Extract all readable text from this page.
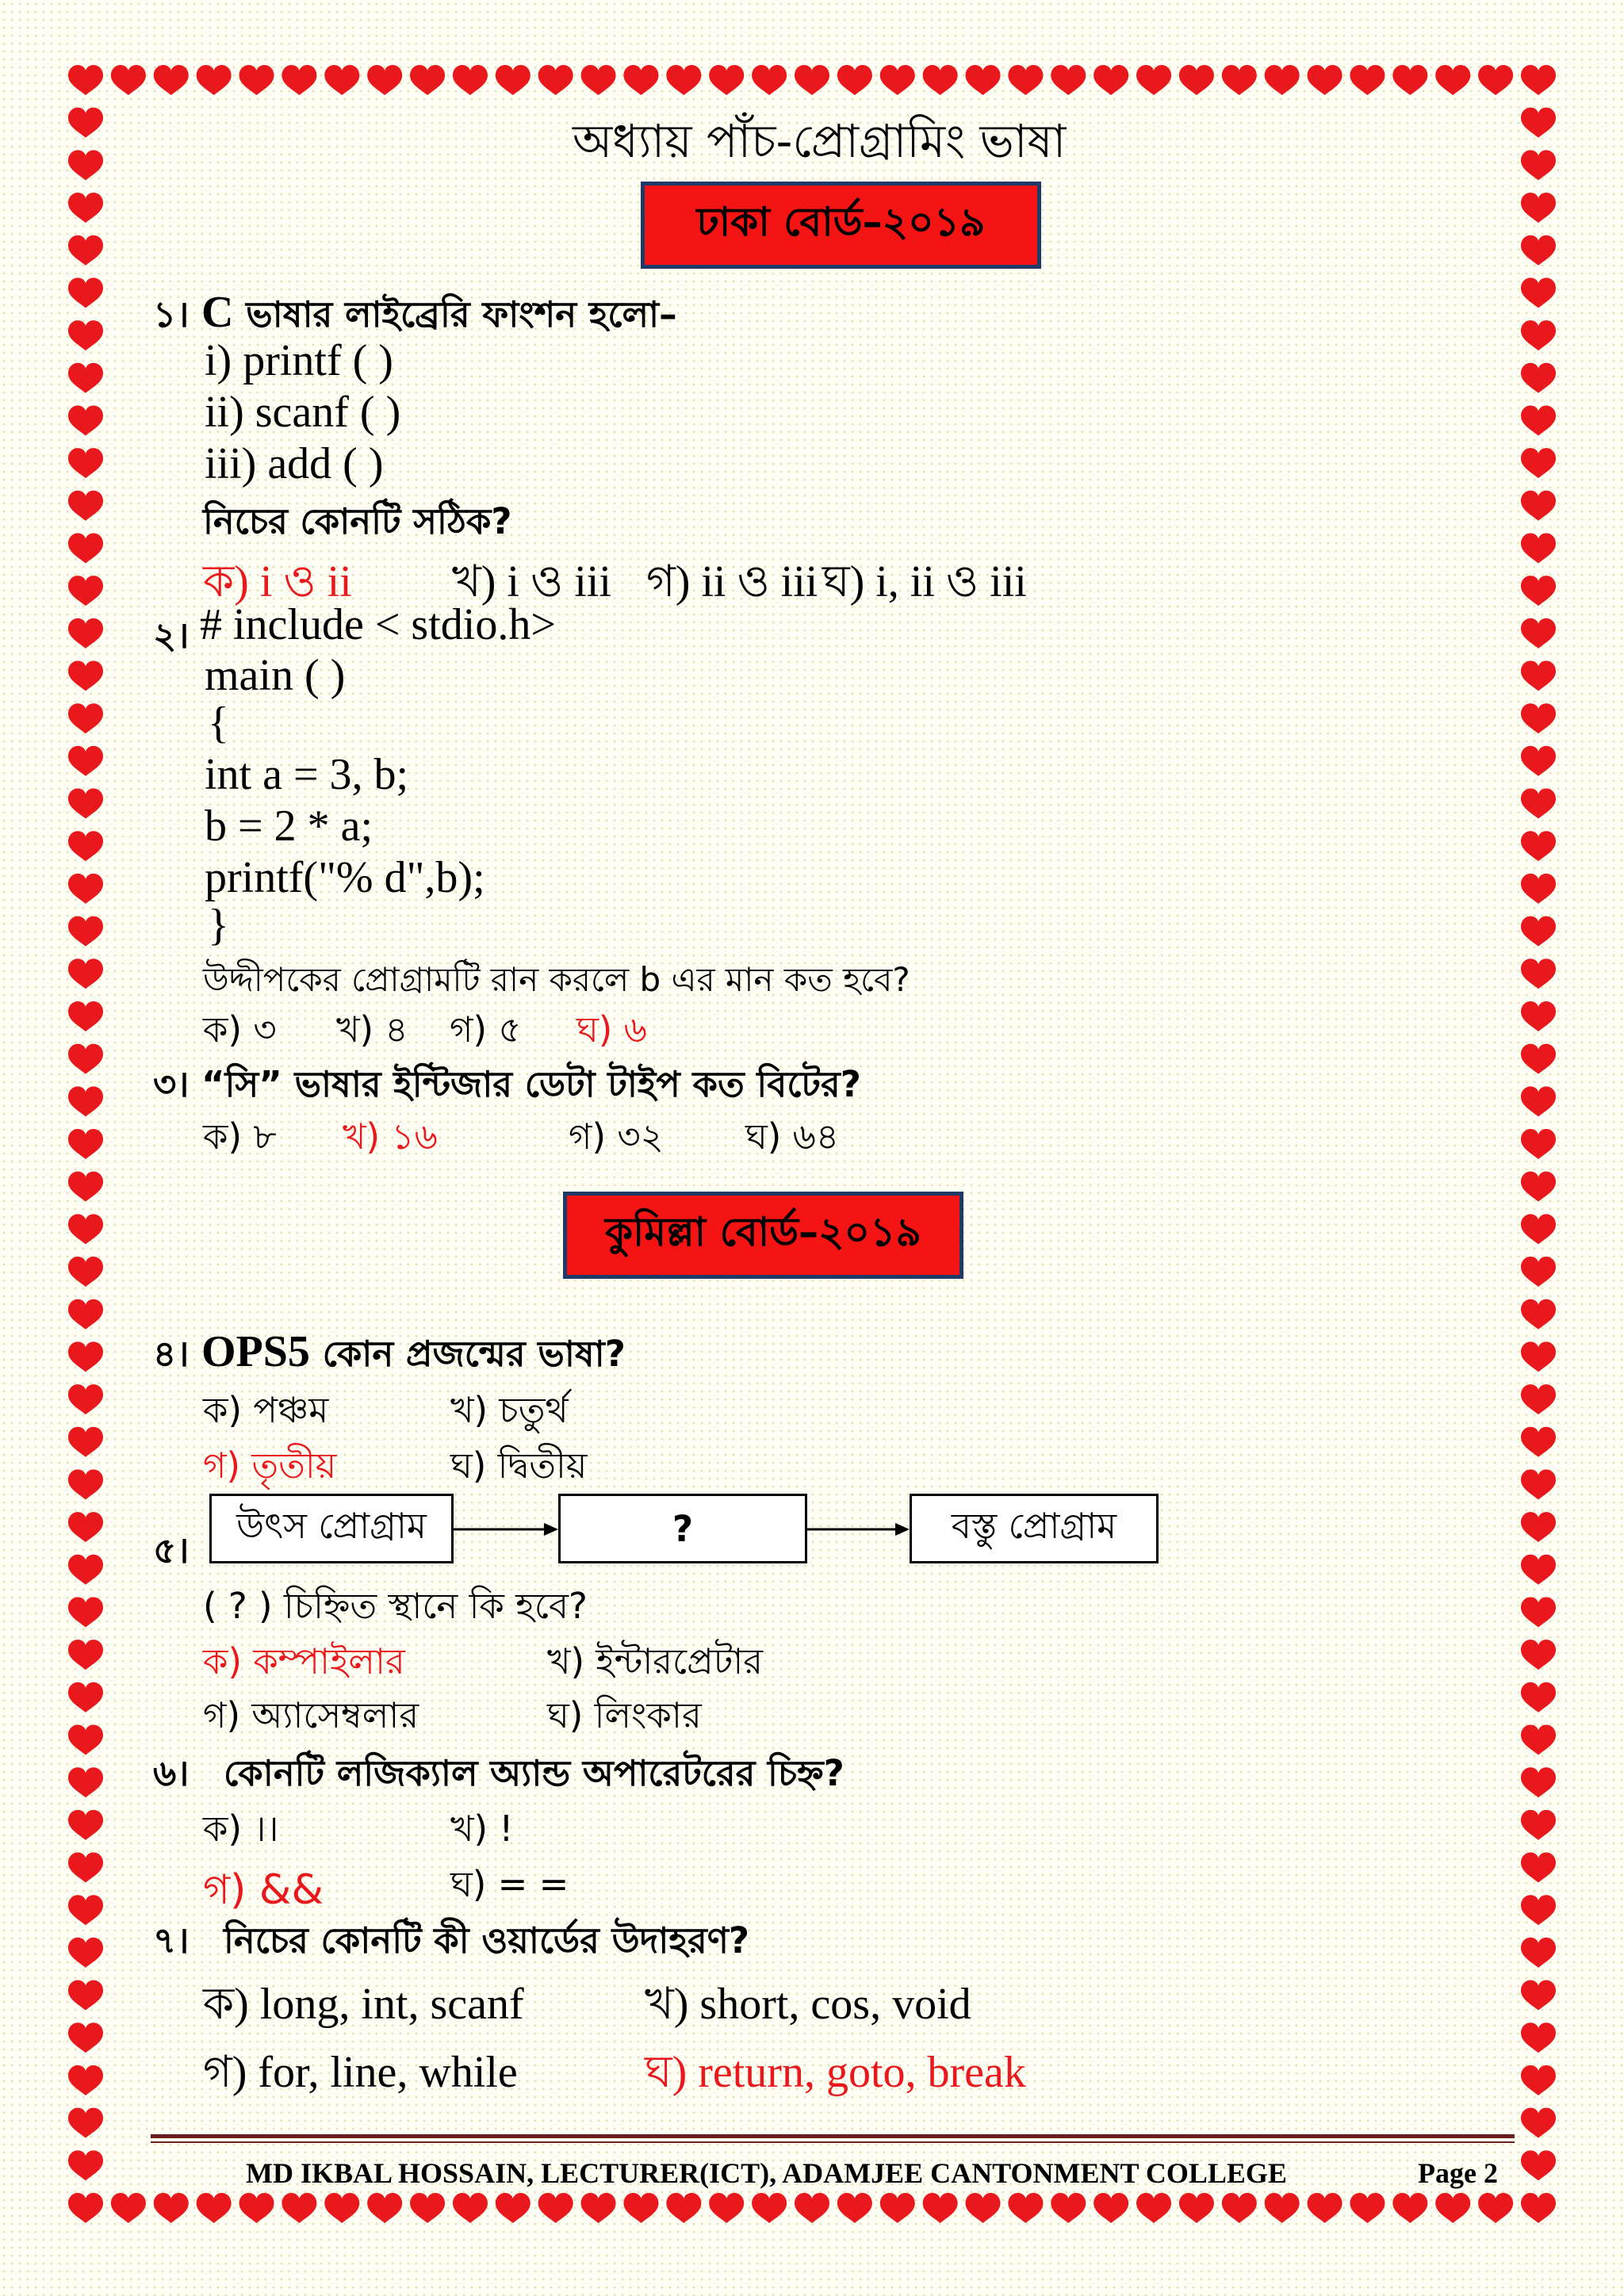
অধ্যায় পাঁচ-প্রোগ্রামিং ভাষা
ঢাকা বোর্ড–২০১৯
১। C ভাষার লাইব্রেরি ফাংশন হলো–
i) printf ( )
ii) scanf ( )
iii) add ( )
নিচের কোনটি সঠিক?
ক) i ও ii খ) i ও iii গ) ii ও iii ঘ) i, ii ও iii
২। # include < stdio.h>
main ( )
{
int a = 3, b;
b = 2 * a;
printf("% d",b);
}
উদ্দীপকের প্রোগ্রামটি রান করলে b এর মান কত হবে?
ক) ৩ খ) ৪ গ) ৫ ঘ) ৬
৩। “সি” ভাষার ইন্টিজার ডেটা টাইপ কত বিটের?
ক) ৮ খ) ১৬	গ) ৩২ ঘ) ৬৪
কুমিল্লা বোর্ড–২০১৯
৪। OPS5 কোন প্রজন্মের ভাষা?
ক) পঞ্চম	খ) চতুর্থ
গ) তৃতীয়	ঘ) দ্বিতীয়
৫।
উৎস প্রোগ্রাম	?	বস্তু প্রোগ্রাম
( ? ) চিহ্নিত স্থানে কি হবে?
ক) কম্পাইলার	খ) ইন্টারপ্রেটার
গ) অ্যাসেম্বলার	ঘ) লিংকার
৬। কোনটি লজিক্যাল অ্যান্ড অপারেটরের চিহ্ন?
ক) ।।	খ) !
গ) &&	ঘ) = =
৭। নিচের কোনটি কী ওয়ার্ডের উদাহরণ?
ক) long, int, scanf	খ) short, cos, void
গ) for, line, while	ঘ) return, goto, break
MD IKBAL HOSSAIN, LECTURER(ICT), ADAMJEE CANTONMENT COLLEGE	Page 2
